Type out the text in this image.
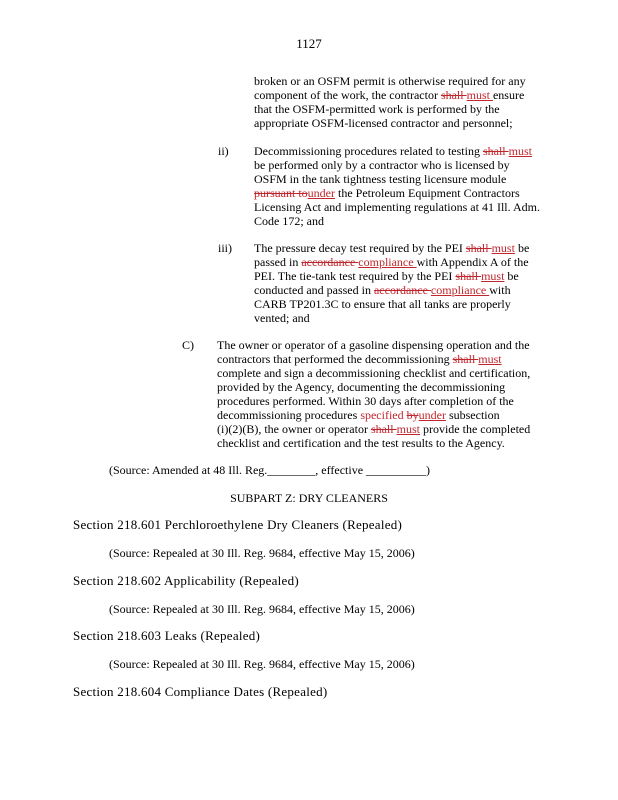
1127
broken or an OSFM permit is otherwise required for any
component of the work, the contractor shall must ensure
that the OSFM-permitted work is performed by the
appropriate OSFM-licensed contractor and personnel;
ii) Decommissioning procedures related to testing shall must
be performed only by a contractor who is licensed by
OSFM in the tank tightness testing licensure module
pursuant tounder the Petroleum Equipment Contractors
Licensing Act and implementing regulations at 41 Ill. Adm.
Code 172; and
iii) The pressure decay test required by the PEI shall must be
passed in accordance compliance with Appendix A of the
PEI. The tie-tank test required by the PEI shall must be
conducted and passed in accordance compliance with
CARB TP201.3C to ensure that all tanks are properly
vented; and
C) The owner or operator of a gasoline dispensing operation and the
contractors that performed the decommissioning shall must
complete and sign a decommissioning checklist and certification,
provided by the Agency, documenting the decommissioning
procedures performed. Within 30 days after completion of the
decommissioning procedures specified byunder subsection
(i)(2)(B), the owner or operator shall must provide the completed
checklist and certification and the test results to the Agency.
(Source: Amended at 48 Ill. Reg.________, effective __________)
SUBPART Z: DRY CLEANERS
Section 218.601 Perchloroethylene Dry Cleaners (Repealed)
(Source: Repealed at 30 Ill. Reg. 9684, effective May 15, 2006)
Section 218.602 Applicability (Repealed)
(Source: Repealed at 30 Ill. Reg. 9684, effective May 15, 2006)
Section 218.603 Leaks (Repealed)
(Source: Repealed at 30 Ill. Reg. 9684, effective May 15, 2006)
Section 218.604 Compliance Dates (Repealed)
